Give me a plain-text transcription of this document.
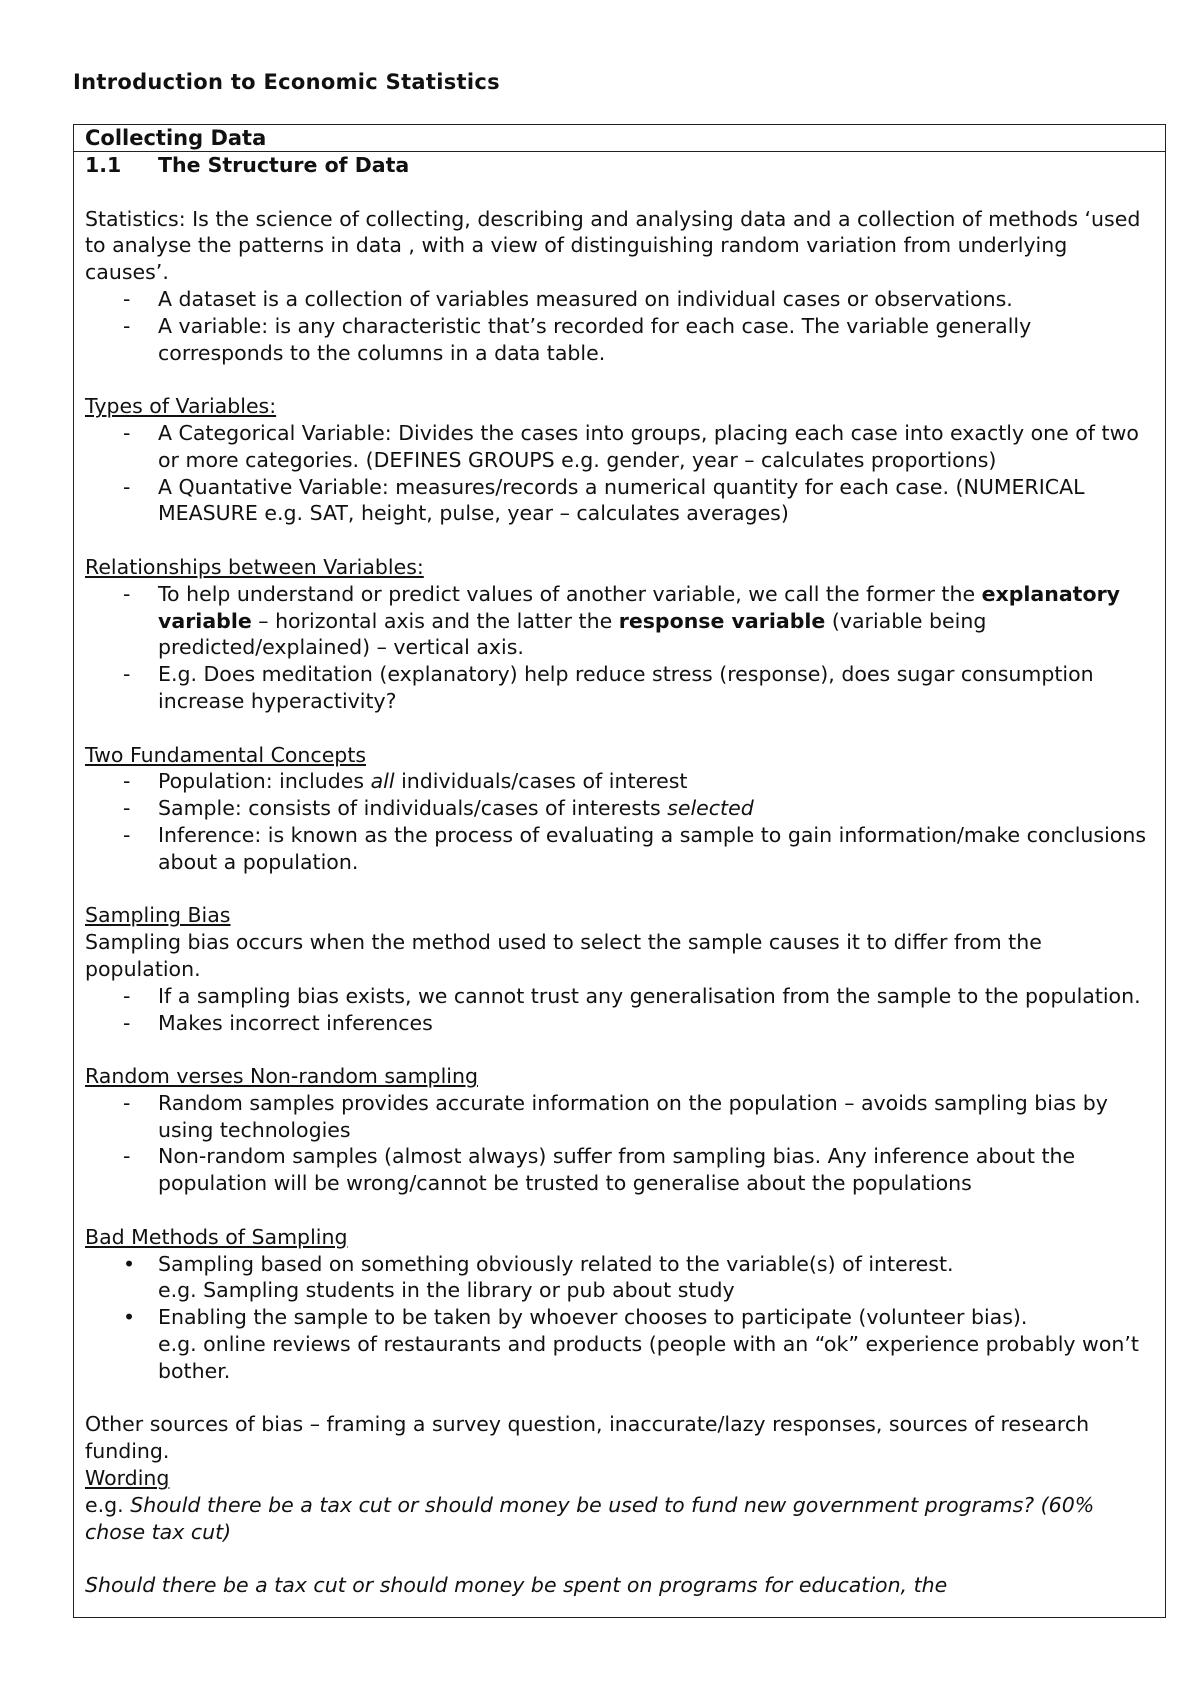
Introduction to Economic Statistics
Collecting Data
1.1	The Structure of Data
Statistics: Is the science of collecting, describing and analysing data and a collection of methods ‘used to analyse the patterns in data , with a view of distinguishing random variation from underlying causes’.
- A dataset is a collection of variables measured on individual cases or observations.
- A variable: is any characteristic that’s recorded for each case. The variable generally corresponds to the columns in a data table.
Types of Variables:
- A Categorical Variable: Divides the cases into groups, placing each case into exactly one of two or more categories. (DEFINES GROUPS e.g. gender, year – calculates proportions)
- A Quantative Variable: measures/records a numerical quantity for each case. (NUMERICAL MEASURE e.g. SAT, height, pulse, year – calculates averages)
Relationships between Variables:
- To help understand or predict values of another variable, we call the former the explanatory variable – horizontal axis and the latter the response variable (variable being predicted/explained) – vertical axis.
- E.g. Does meditation (explanatory) help reduce stress (response), does sugar consumption increase hyperactivity?
Two Fundamental Concepts
- Population: includes all individuals/cases of interest
- Sample: consists of individuals/cases of interests selected
- Inference: is known as the process of evaluating a sample to gain information/make conclusions about a population.
Sampling Bias
Sampling bias occurs when the method used to select the sample causes it to differ from the population.
- If a sampling bias exists, we cannot trust any generalisation from the sample to the population.
- Makes incorrect inferences
Random verses Non-random sampling
- Random samples provides accurate information on the population – avoids sampling bias by using technologies
- Non-random samples (almost always) suffer from sampling bias. Any inference about the population will be wrong/cannot be trusted to generalise about the populations
Bad Methods of Sampling
• Sampling based on something obviously related to the variable(s) of interest.
e.g. Sampling students in the library or pub about study
• Enabling the sample to be taken by whoever chooses to participate (volunteer bias).
e.g. online reviews of restaurants and products (people with an “ok” experience probably won’t bother.
Other sources of bias – framing a survey question, inaccurate/lazy responses, sources of research funding.
Wording
e.g. Should there be a tax cut or should money be used to fund new government programs? (60% chose tax cut)
Should there be a tax cut or should money be spent on programs for education, the
